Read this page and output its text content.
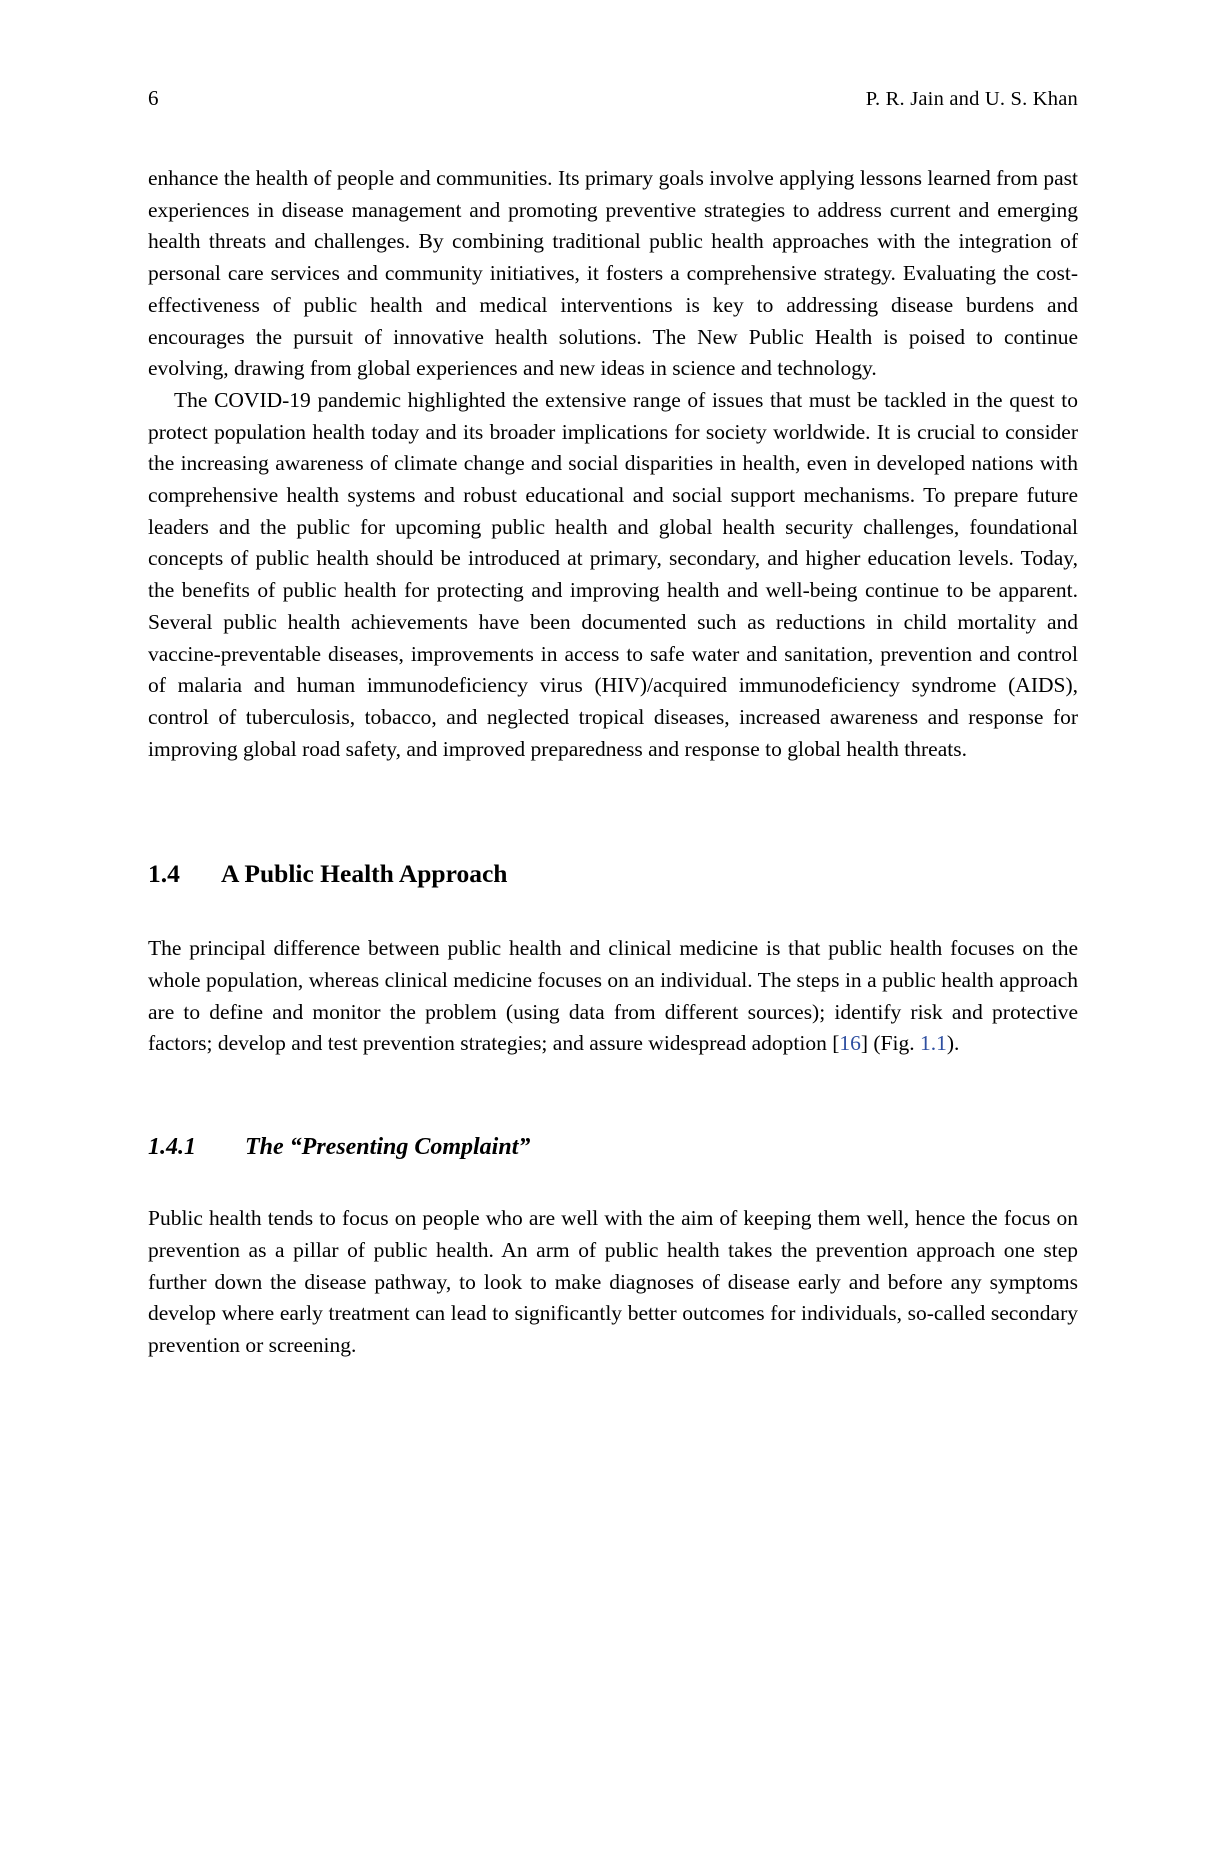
6	P. R. Jain and U. S. Khan

enhance the health of people and communities. Its primary goals involve applying lessons learned from past experiences in disease management and promoting preventive strategies to address current and emerging health threats and challenges. By combining traditional public health approaches with the integration of personal care services and community initiatives, it fosters a comprehensive strategy. Evaluating the cost-effectiveness of public health and medical interventions is key to addressing disease burdens and encourages the pursuit of innovative health solutions. The New Public Health is poised to continue evolving, drawing from global experiences and new ideas in science and technology.

The COVID-19 pandemic highlighted the extensive range of issues that must be tackled in the quest to protect population health today and its broader implications for society worldwide. It is crucial to consider the increasing awareness of climate change and social disparities in health, even in developed nations with comprehensive health systems and robust educational and social support mechanisms. To prepare future leaders and the public for upcoming public health and global health security challenges, foundational concepts of public health should be introduced at primary, secondary, and higher education levels. Today, the benefits of public health for protecting and improving health and well-being continue to be apparent. Several public health achievements have been documented such as reductions in child mortality and vaccine-preventable diseases, improvements in access to safe water and sanitation, prevention and control of malaria and human immunodeficiency virus (HIV)/acquired immunodeficiency syndrome (AIDS), control of tuberculosis, tobacco, and neglected tropical diseases, increased awareness and response for improving global road safety, and improved preparedness and response to global health threats.

1.4	A Public Health Approach

The principal difference between public health and clinical medicine is that public health focuses on the whole population, whereas clinical medicine focuses on an individual. The steps in a public health approach are to define and monitor the problem (using data from different sources); identify risk and protective factors; develop and test prevention strategies; and assure widespread adoption [16] (Fig. 1.1).

1.4.1	The “Presenting Complaint”

Public health tends to focus on people who are well with the aim of keeping them well, hence the focus on prevention as a pillar of public health. An arm of public health takes the prevention approach one step further down the disease pathway, to look to make diagnoses of disease early and before any symptoms develop where early treatment can lead to significantly better outcomes for individuals, so-called secondary prevention or screening.
